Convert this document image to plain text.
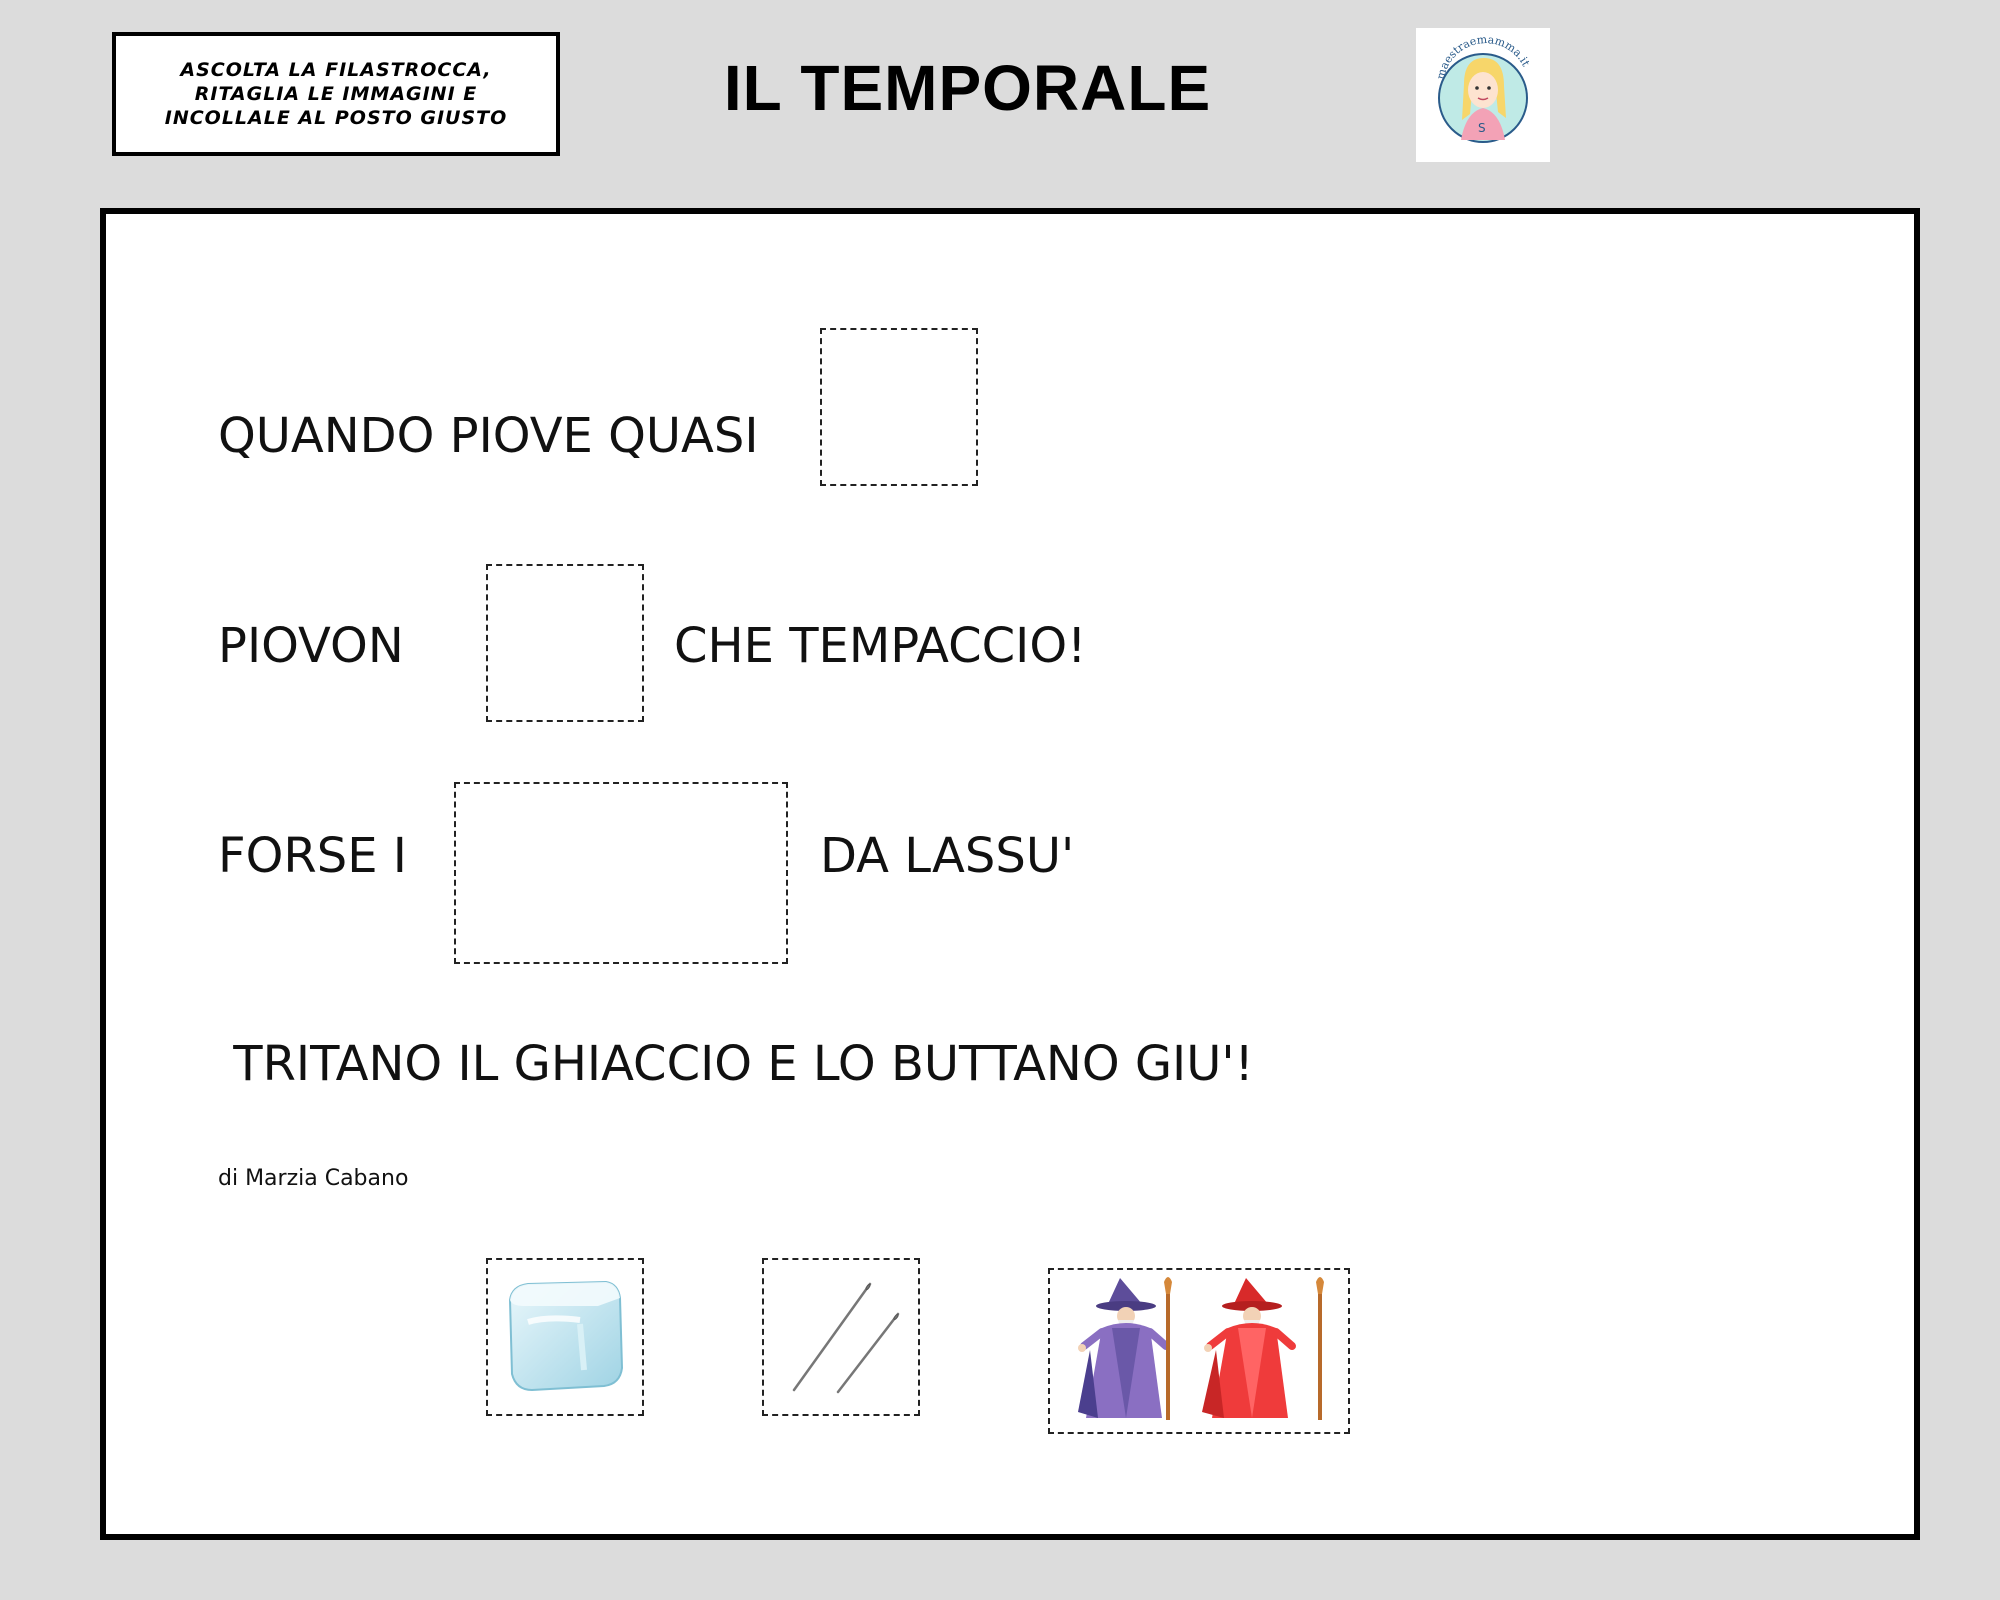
ASCOLTA LA FILASTROCCA, RITAGLIA LE IMMAGINI E INCOLLALE AL POSTO GIUSTO	IL TEMPORALE	maestraemamma.it
S
QUANDO PIOVE QUASI
PIOVON	CHE TEMPACCIO!
FORSE I	DA LASSU'
TRITANO IL GHIACCIO E LO BUTTANO GIU'!
di Marzia Cabano
